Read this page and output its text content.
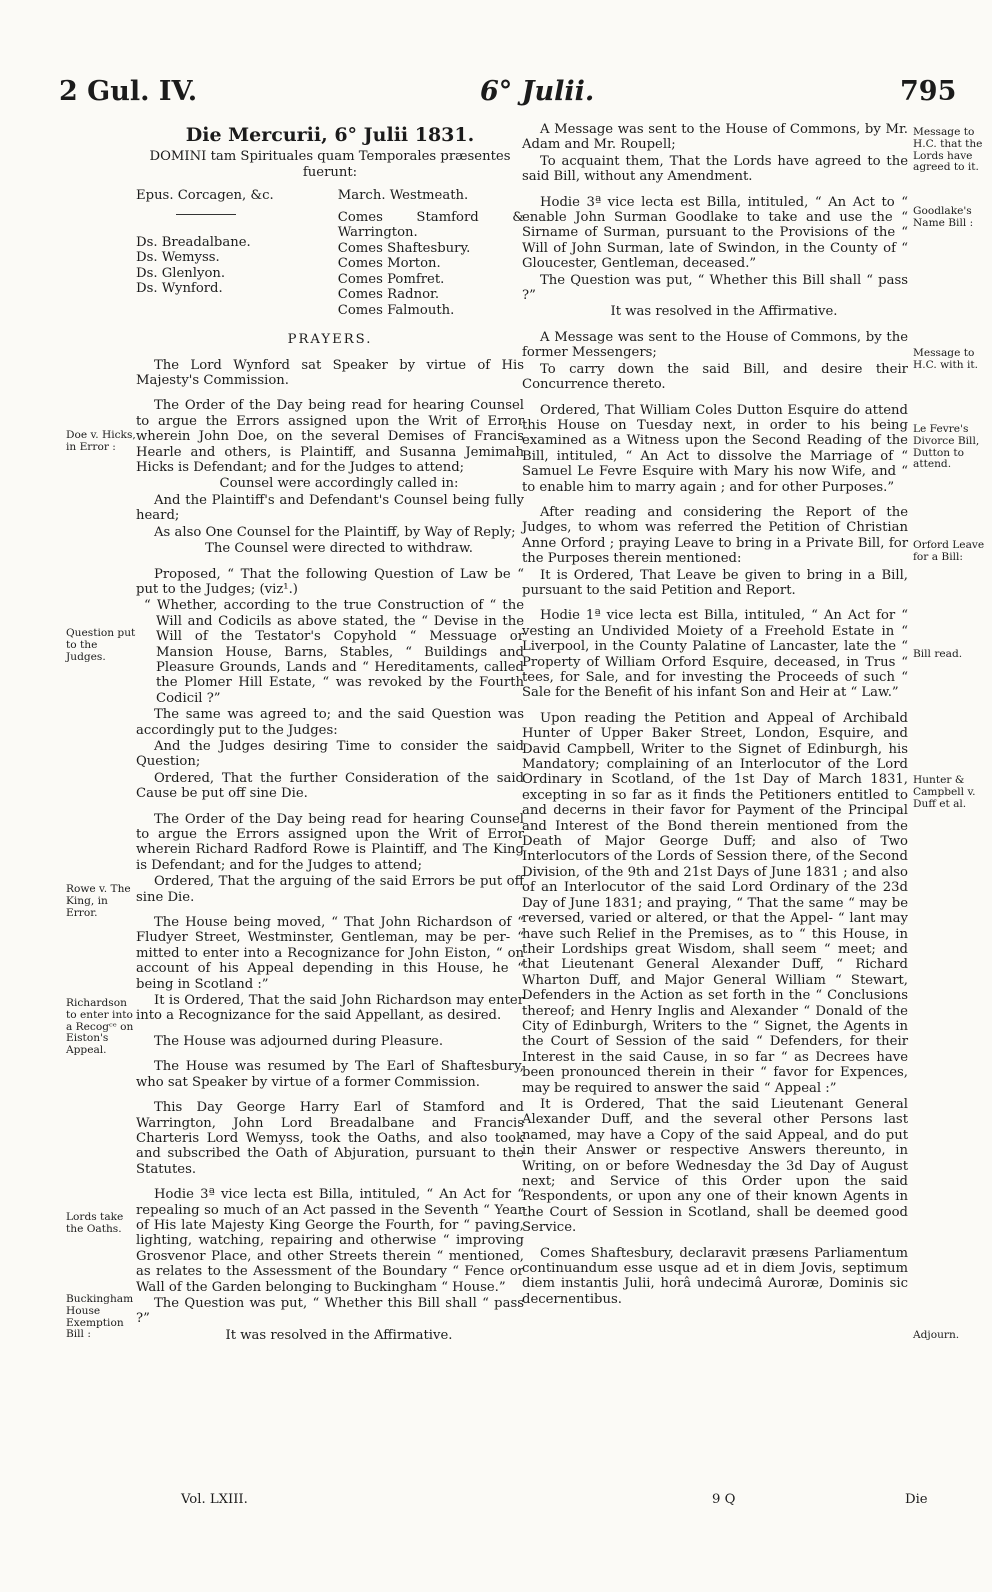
2 Gul. IV.	6° Julii.	795
Die Mercurii, 6° Julii 1831.
DOMINI tam Spirituales quam Temporales præsentes fuerunt:
Epus. Corcagen, &c.
Ds. Breadalbane.
Ds. Wemyss.
Ds. Glenlyon.
Ds. Wynford.
March. Westmeath.
Comes Stamford & Warrington.
Comes Shaftesbury.
Comes Morton.
Comes Pomfret.
Comes Radnor.
Comes Falmouth.
PRAYERS.

The Lord Wynford sat Speaker by virtue of His Majesty's Commission.

The Order of the Day being read for hearing Counsel to argue the Errors assigned upon the Writ of Error wherein John Doe, on the several Demises of Francis Hearle and others, is Plaintiff, and Susanna Jemimah Hicks is Defendant; and for the Judges to attend;

Counsel were accordingly called in:

And the Plaintiff's and Defendant's Counsel being fully heard;

As also One Counsel for the Plaintiff, by Way of Reply;

The Counsel were directed to withdraw.

Proposed, “ That the following Question of Law be “ put to the Judges; (viz¹.)

“ Whether, according to the true Construction of “ the Will and Codicils as above stated, the “ Devise in the Will of the Testator's Copyhold “ Messuage or Mansion House, Barns, Stables, “ Buildings and Pleasure Grounds, Lands and “ Hereditaments, called the Plomer Hill Estate, “ was revoked by the Fourth Codicil ?”

The same was agreed to; and the said Question was accordingly put to the Judges:

And the Judges desiring Time to consider the said Question;

Ordered, That the further Consideration of the said Cause be put off sine Die.

The Order of the Day being read for hearing Counsel to argue the Errors assigned upon the Writ of Error wherein Richard Radford Rowe is Plaintiff, and The King is Defendant; and for the Judges to attend;

Ordered, That the arguing of the said Errors be put off sine Die.

The House being moved, “ That John Richardson of “ Fludyer Street, Westminster, Gentleman, may be per- “ mitted to enter into a Recognizance for John Eiston, “ on account of his Appeal depending in this House, he “ being in Scotland :”

It is Ordered, That the said John Richardson may enter into a Recognizance for the said Appellant, as desired.

The House was adjourned during Pleasure.

The House was resumed by The Earl of Shaftesbury, who sat Speaker by virtue of a former Commission.

This Day George Harry Earl of Stamford and Warrington, John Lord Breadalbane and Francis Charteris Lord Wemyss, took the Oaths, and also took and subscribed the Oath of Abjuration, pursuant to the Statutes.

Hodie 3ª vice lecta est Billa, intituled, “ An Act for “ repealing so much of an Act passed in the Seventh “ Year of His late Majesty King George the Fourth, for “ paving, lighting, watching, repairing and otherwise “ improving Grosvenor Place, and other Streets therein “ mentioned, as relates to the Assessment of the Boundary “ Fence or Wall of the Garden belonging to Buckingham “ House.”

The Question was put, “ Whether this Bill shall “ pass ?”

It was resolved in the Affirmative.

A Message was sent to the House of Commons, by Mr. Adam and Mr. Roupell;

To acquaint them, That the Lords have agreed to the said Bill, without any Amendment.

Hodie 3ª vice lecta est Billa, intituled, “ An Act to “ enable John Surman Goodlake to take and use the “ Sirname of Surman, pursuant to the Provisions of the “ Will of John Surman, late of Swindon, in the County of “ Gloucester, Gentleman, deceased.”

The Question was put, “ Whether this Bill shall “ pass ?”

It was resolved in the Affirmative.

A Message was sent to the House of Commons, by the former Messengers;

To carry down the said Bill, and desire their Concurrence thereto.

Ordered, That William Coles Dutton Esquire do attend this House on Tuesday next, in order to his being examined as a Witness upon the Second Reading of the Bill, intituled, “ An Act to dissolve the Marriage of “ Samuel Le Fevre Esquire with Mary his now Wife, and “ to enable him to marry again ; and for other Purposes.”

After reading and considering the Report of the Judges, to whom was referred the Petition of Christian Anne Orford ; praying Leave to bring in a Private Bill, for the Purposes therein mentioned:

It is Ordered, That Leave be given to bring in a Bill, pursuant to the said Petition and Report.

Hodie 1ª vice lecta est Billa, intituled, “ An Act for “ vesting an Undivided Moiety of a Freehold Estate in “ Liverpool, in the County Palatine of Lancaster, late the “ Property of William Orford Esquire, deceased, in Trus “ tees, for Sale, and for investing the Proceeds of such “ Sale for the Benefit of his infant Son and Heir at “ Law.”

Upon reading the Petition and Appeal of Archibald Hunter of Upper Baker Street, London, Esquire, and David Campbell, Writer to the Signet of Edinburgh, his Mandatory; complaining of an Interlocutor of the Lord Ordinary in Scotland, of the 1st Day of March 1831, excepting in so far as it finds the Petitioners entitled to and decerns in their favor for Payment of the Principal and Interest of the Bond therein mentioned from the Death of Major George Duff; and also of Two Interlocutors of the Lords of Session there, of the Second Division, of the 9th and 21st Days of June 1831 ; and also of an Interlocutor of the said Lord Ordinary of the 23d Day of June 1831; and praying, “ That the same “ may be reversed, varied or altered, or that the Appel- “ lant may have such Relief in the Premises, as to “ this House, in their Lordships great Wisdom, shall seem “ meet; and that Lieutenant General Alexander Duff, “ Richard Wharton Duff, and Major General William “ Stewart, Defenders in the Action as set forth in the “ Conclusions thereof; and Henry Inglis and Alexander “ Donald of the City of Edinburgh, Writers to the “ Signet, the Agents in the Court of Session of the said “ Defenders, for their Interest in the said Cause, in so far “ as Decrees have been pronounced therein in their “ favor for Expences, may be required to answer the said “ Appeal :”

It is Ordered, That the said Lieutenant General Alexander Duff, and the several other Persons last named, may have a Copy of the said Appeal, and do put in their Answer or respective Answers thereunto, in Writing, on or before Wednesday the 3d Day of August next; and Service of this Order upon the said Respondents, or upon any one of their known Agents in the Court of Session in Scotland, shall be deemed good Service.

Comes Shaftesbury, declaravit præsens Parliamentum continuandum esse usque ad et in diem Jovis, septimum diem instantis Julii, horâ undecimâ Auroræ, Dominis sic decernentibus.

Doe v. Hicks, in Error :
Question put to the Judges.
Rowe v. The King, in Error.
Richardson to enter into a Recogᶜᵉ on Eiston's Appeal.
Lords take the Oaths.
Buckingham House Exemption Bill :
Message to H.C. that the Lords have agreed to it.
Goodlake's Name Bill :
Message to H.C. with it.
Le Fevre's Divorce Bill, Dutton to attend.
Orford Leave for a Bill:
Bill read.
Hunter & Campbell v. Duff et al.
Adjourn.
Vol. LXIII.	9 Q	Die
